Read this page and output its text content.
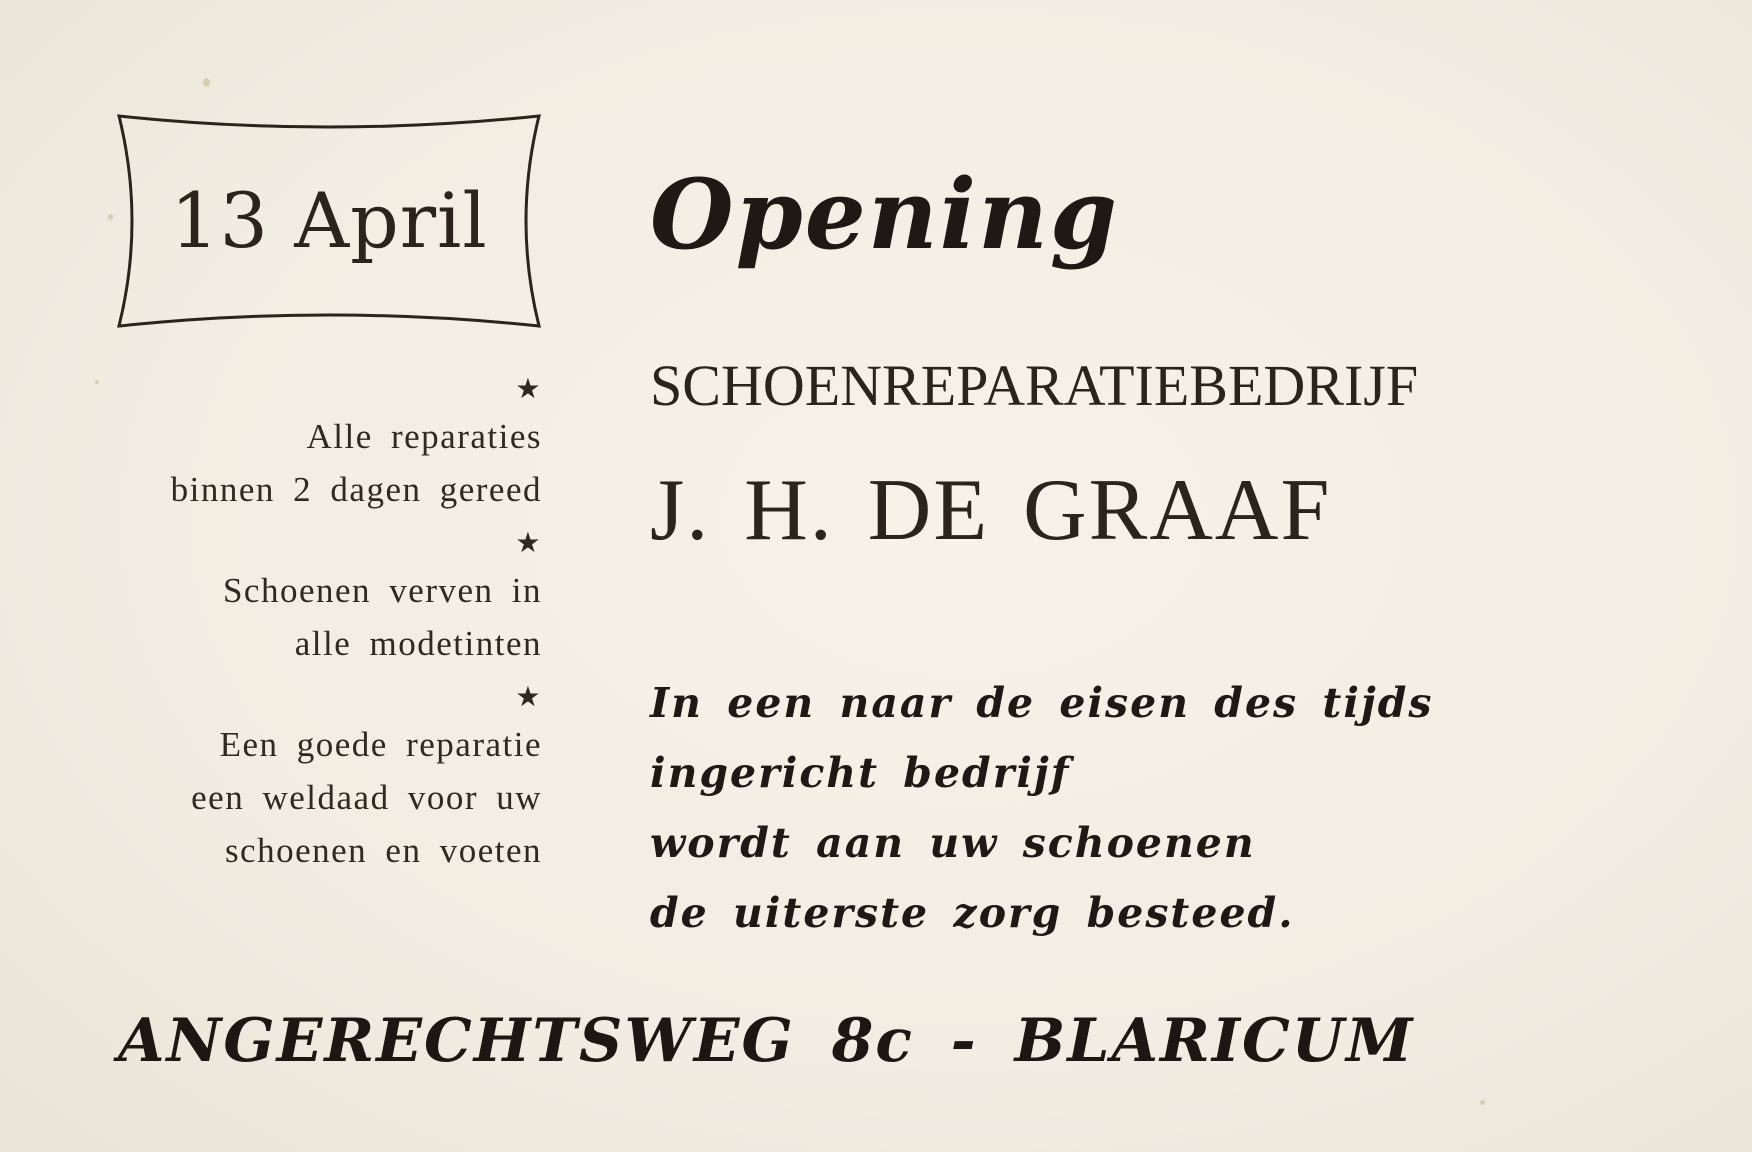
13 April
★
Alle reparaties
binnen 2 dagen gereed
★
Schoenen verven in
alle modetinten
★
Een goede reparatie
een weldaad voor uw
schoenen en voeten
Opening
SCHOENREPARATIEBEDRIJF
J. H. DE GRAAF
In een naar de eisen des tijds
ingericht bedrijf
wordt aan uw schoenen
de uiterste zorg besteed.
ANGERECHTSWEG 8c - BLARICUM
